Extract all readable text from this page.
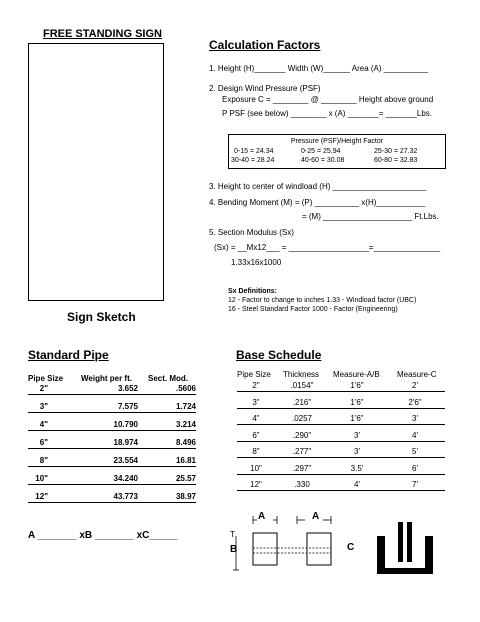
FREE STANDING SIGN
Sign Sketch
Calculation Factors
1. Height (H)_______ Width (W)______ Area (A) __________
2. Design Wind Pressure (PSF)
Exposure C = ________ @ ________ Height above ground
P PSF (see below) ________ x (A) _______= _______Lbs.
Pressure (PSF)/Height Factor
0-15 = 24.34	0-25 = 25.94	25-30 = 27.32
30-40 = 28.24	40-60 = 30.08	60-80 = 32.83
3. Height to center of windload (H) _____________________
4. Bending Moment (M) = (P) __________ x(H)___________
= (M) ____________________ Ft.Lbs.
5. Section Modulus (Sx)
(Sx) = __Mx12___ = __________________=_______________
1.33x16x1000
Sx Definitions:
12 - Factor to change to inches 1.33 - Windload factor (UBC)
16 - Steel Standard Factor 1000 - Factor (Engineering)
Standard Pipe
Pipe Size Weight per ft. Sect. Mod.
2"	3.652	.5606
3"	7.575	1.724
4"	10.790	3.214
6"	18.974	8.496
8"	23.554	16.81
10"	34.240	25.57
12"	43.773	38.97
Base Schedule
Pipe Size Thickness Measure-A/B Measure-C
2"	.0154"	1'6"	2'
3"	.216"	1'6"	2'6"
4"	.0257	1'6"	3'
6"	.290"	3'	4'
8"	.277"	3'	5'
10"	.297"	3.5'	6'
12"	.330	4'	7'
A _______ xB _______ xC_____
A	A
T
B	C
